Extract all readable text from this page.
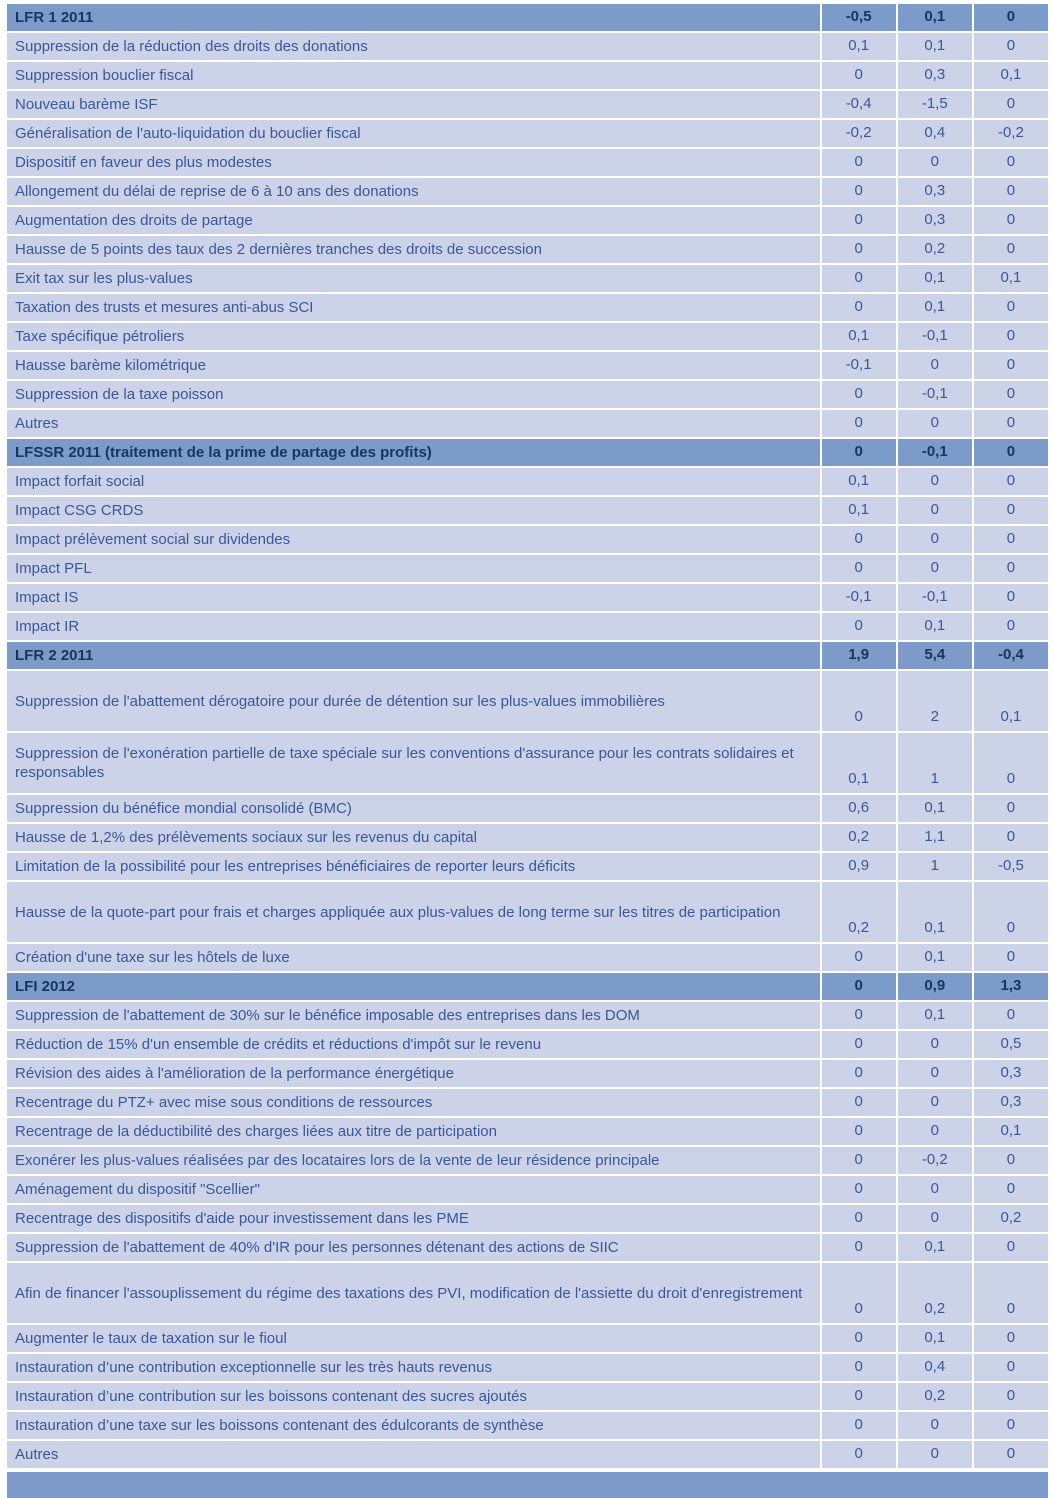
LFR 1 2011	-0,5	0,1	0
Suppression de la réduction des droits des donations	0,1	0,1	0
Suppression bouclier fiscal	0	0,3	0,1
Nouveau barème ISF	-0,4	-1,5	0
Généralisation de l'auto-liquidation du bouclier fiscal	-0,2	0,4	-0,2
Dispositif en faveur des plus modestes	0	0	0
Allongement du délai de reprise de 6 à 10 ans des donations	0	0,3	0
Augmentation des droits de partage	0	0,3	0
Hausse de 5 points des taux des 2 dernières tranches des droits de succession	0	0,2	0
Exit tax sur les plus-values	0	0,1	0,1
Taxation des trusts et mesures anti-abus SCI	0	0,1	0
Taxe spécifique pétroliers	0,1	-0,1	0
Hausse barème kilométrique	-0,1	0	0
Suppression de la taxe poisson	0	-0,1	0
Autres	0	0	0
LFSSR 2011 (traitement de la prime de partage des profits)	0	-0,1	0
Impact forfait social	0,1	0	0
Impact CSG CRDS	0,1	0	0
Impact prélèvement social sur dividendes	0	0	0
Impact PFL	0	0	0
Impact IS	-0,1	-0,1	0
Impact IR	0	0,1	0
LFR 2 2011	1,9	5,4	-0,4
Suppression de l'abattement dérogatoire pour durée de détention sur les plus-values immobilières	0	2	0,1
Suppression de l'exonération partielle de taxe spéciale sur les conventions d'assurance pour les contrats solidaires et responsables	0,1	1	0
Suppression du bénéfice mondial consolidé (BMC)	0,6	0,1	0
Hausse de 1,2% des prélèvements sociaux sur les revenus du capital	0,2	1,1	0
Limitation de la possibilité pour les entreprises bénéficiaires de reporter leurs déficits	0,9	1	-0,5
Hausse de la quote-part pour frais et charges appliquée aux plus-values de long terme sur les titres de participation	0,2	0,1	0
Création d'une taxe sur les hôtels de luxe	0	0,1	0
LFI 2012	0	0,9	1,3
Suppression de l'abattement de 30% sur le bénéfice imposable des entreprises dans les DOM	0	0,1	0
Réduction de 15% d'un ensemble de crédits et réductions d'impôt sur le revenu	0	0	0,5
Révision des aides à l'amélioration de la performance énergétique	0	0	0,3
Recentrage du PTZ+ avec mise sous conditions de ressources	0	0	0,3
Recentrage de la déductibilité des charges liées aux titre de participation	0	0	0,1
Exonérer les plus-values réalisées par des locataires lors de la vente de leur résidence principale	0	-0,2	0
Aménagement du dispositif "Scellier"	0	0	0
Recentrage des dispositifs d'aide pour investissement dans les PME	0	0	0,2
Suppression de l'abattement de 40% d'IR pour les personnes détenant des actions de SIIC	0	0,1	0
Afin de financer l'assouplissement du régime des taxations des PVI, modification de l'assiette du droit d'enregistrement	0	0,2	0
Augmenter le taux de taxation sur le fioul	0	0,1	0
Instauration d’une contribution exceptionnelle sur les très hauts revenus	0	0,4	0
Instauration d’une contribution sur les boissons contenant des sucres ajoutés	0	0,2	0
Instauration d’une taxe sur les boissons contenant des édulcorants de synthèse	0	0	0
Autres	0	0	0
